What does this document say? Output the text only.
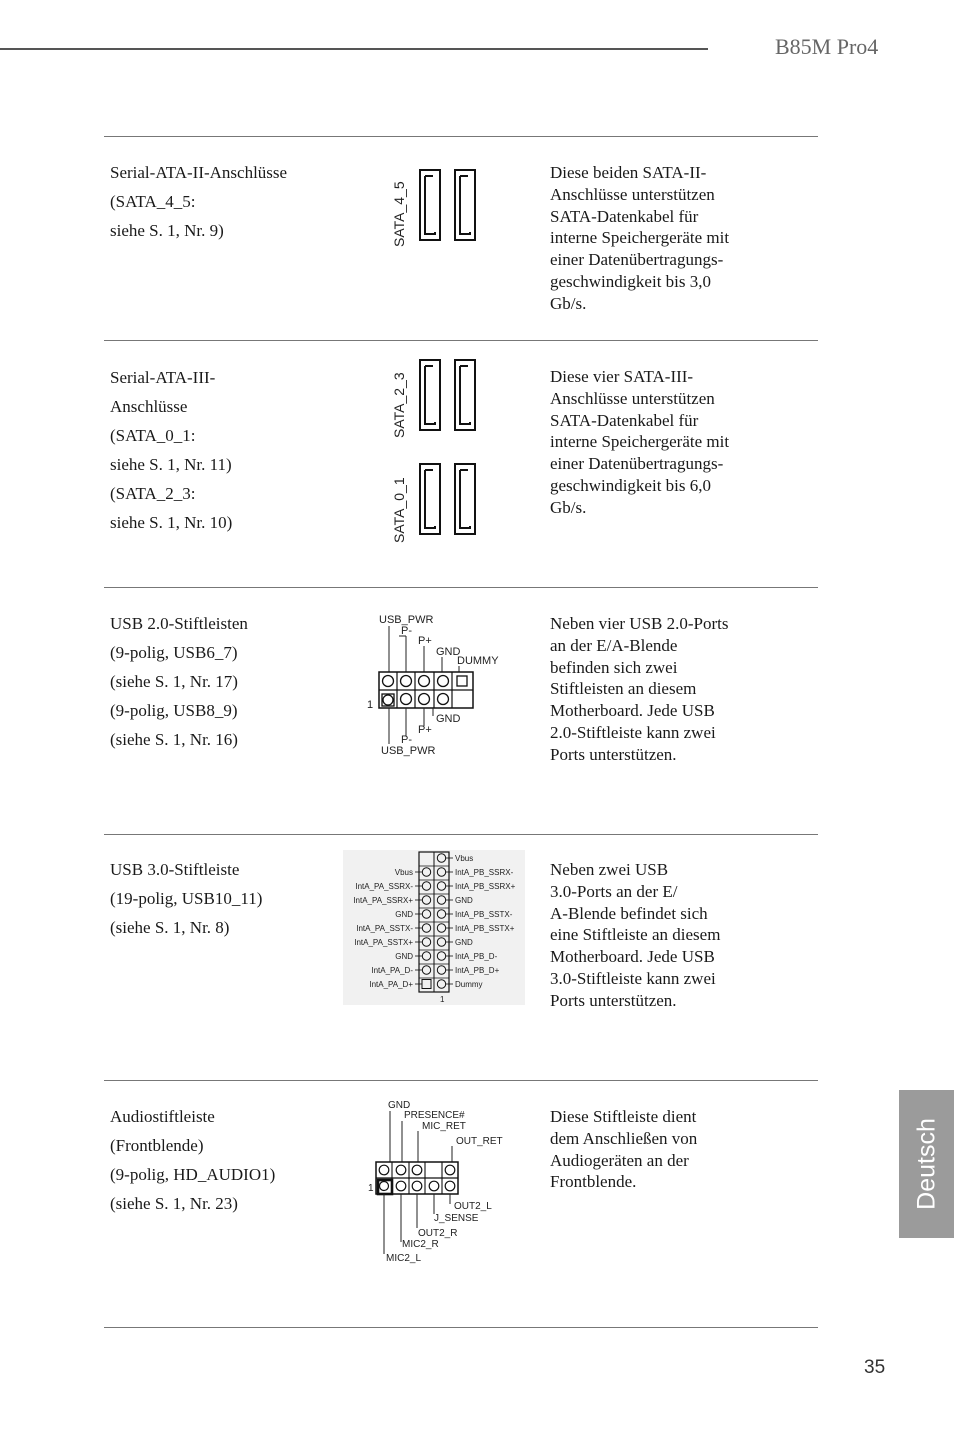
B85M Pro4
Serial-ATA-II-Anschlüsse
(SATA_4_5:
siehe S. 1, Nr. 9)	SATA_4_5
Diese beiden SATA-II-
Anschlüsse unterstützen
SATA-Datenkabel für
interne Speichergeräte mit
einer Datenübertragungs-
geschwindigkeit bis 3,0
Gb/s.
Serial-ATA-III-
Anschlüsse
(SATA_0_1:
siehe S. 1, Nr. 11)
(SATA_2_3:
siehe S. 1, Nr. 10)
SATA_2_3
SATA_0_1
Diese vier SATA-III-
Anschlüsse unterstützen
SATA-Datenkabel für
interne Speichergeräte mit
einer Datenübertragungs-
geschwindigkeit bis 6,0
Gb/s.
USB 2.0-Stiftleisten
(9-polig, USB6_7)
(siehe S. 1, Nr. 17)
(9-polig, USB8_9)
(siehe S. 1, Nr. 16)
USB_PWR
P-
P+
GND
DUMMY
1
GND
P+
P-
USB_PWR
Neben vier USB 2.0-Ports
an der E/A-Blende
befinden sich zwei
Stiftleisten an diesem
Motherboard. Jede USB
2.0-Stiftleiste kann zwei
Ports unterstützen.
USB 3.0-Stiftleiste
(19-polig, USB10_11)
(siehe S. 1, Nr. 8)
Vbus
IntA_PB_SSRX-
IntA_PB_SSRX+
GND
IntA_PB_SSTX-
IntA_PB_SSTX+
GND
IntA_PB_D-
IntA_PB_D+
Dummy
Vbus
IntA_PA_SSRX-
IntA_PA_SSRX+
GND
IntA_PA_SSTX-
IntA_PA_SSTX+
GND
IntA_PA_D-
IntA_PA_D+
1
Neben zwei USB
3.0-Ports an der E/
A-Blende befindet sich
eine Stiftleiste an diesem
Motherboard. Jede USB
3.0-Stiftleiste kann zwei
Ports unterstützen.
Audiostiftleiste
(Frontblende)
(9-polig, HD_AUDIO1)
(siehe S. 1, Nr. 23)
GND
PRESENCE#
MIC_RET
OUT_RET
1
OUT2_L
J_SENSE
OUT2_R
MIC2_R
MIC2_L
Diese Stiftleiste dient
dem Anschließen von
Audiogeräten an der
Frontblende.	Deutsch
35
